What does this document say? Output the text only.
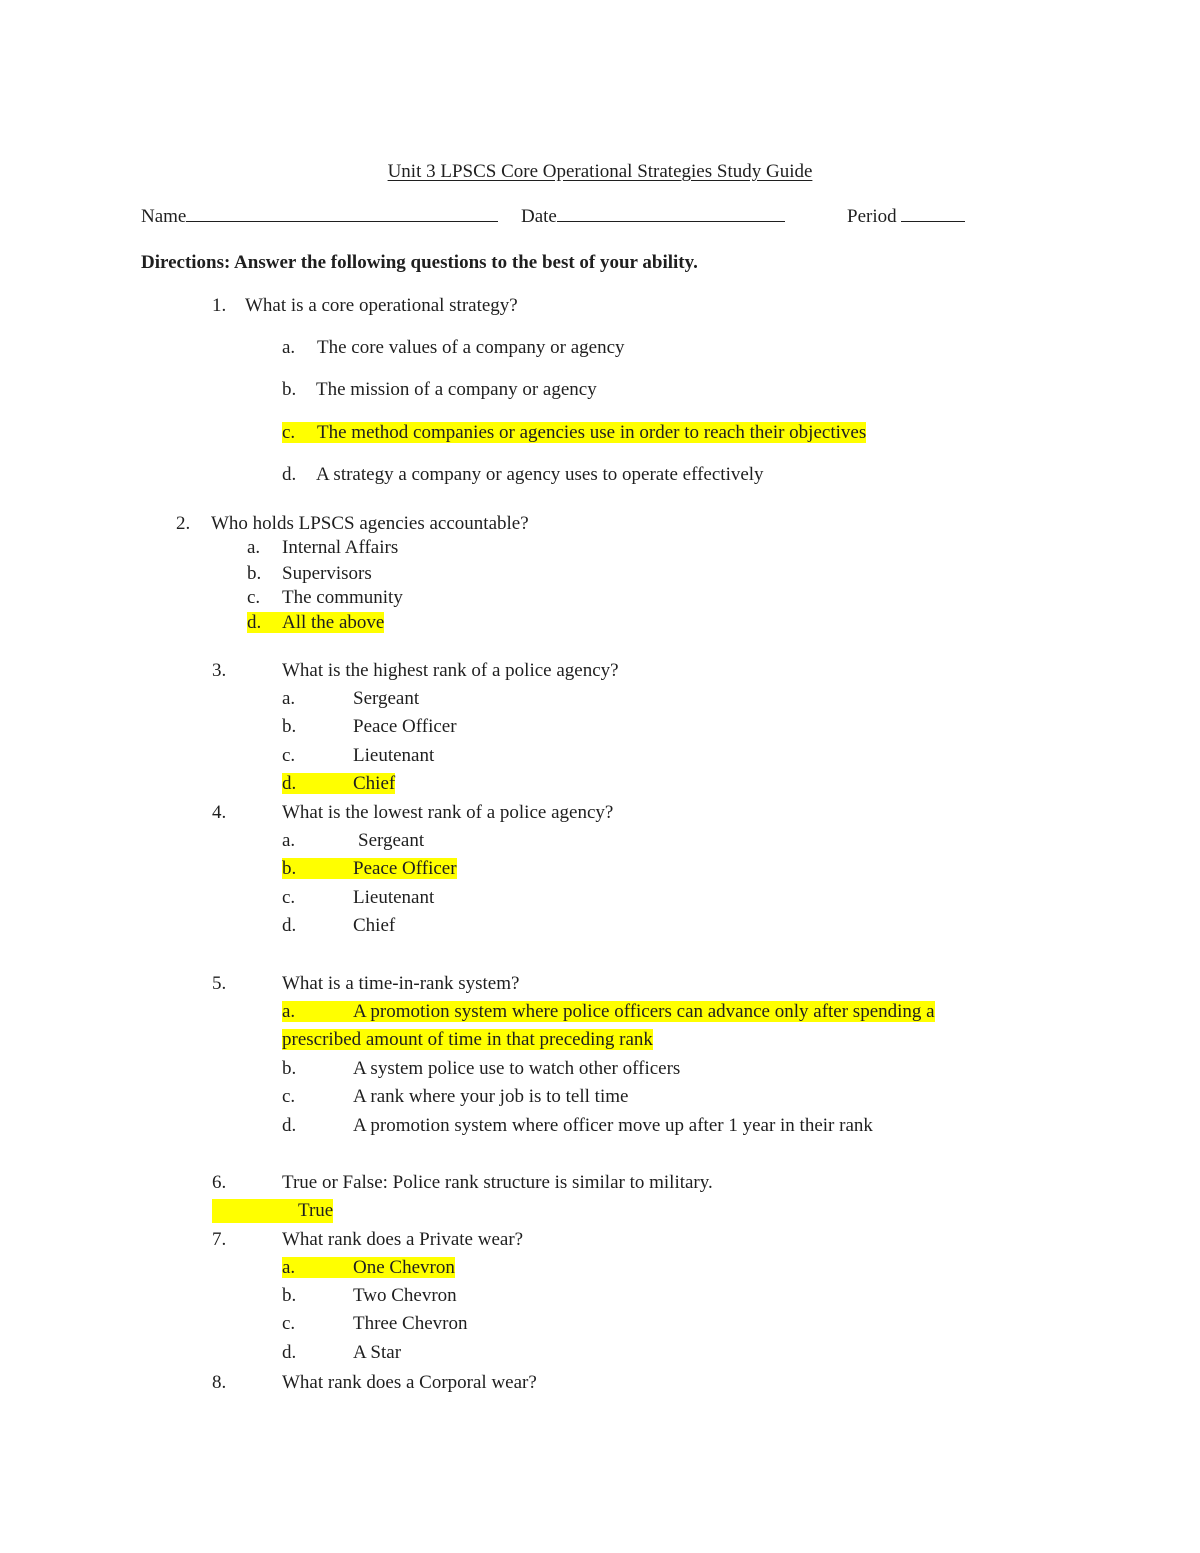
Unit 3 LPSCS Core Operational Strategies Study Guide
Name	Date	Period
Directions: Answer the following questions to the best of your ability.
1. What is a core operational strategy?
a. The core values of a company or agency
b. The mission of a company or agency
c. The method companies or agencies use in order to reach their objectives
d. A strategy a company or agency uses to operate effectively
2. Who holds LPSCS agencies accountable?
a. Internal Affairs
b. Supervisors
c. The community
d. All the above
3.	What is the highest rank of a police agency?
a.	Sergeant
b.	Peace Officer
c.	Lieutenant
d.	Chief
4.	What is the lowest rank of a police agency?
a.	Sergeant
b.	Peace Officer
c.	Lieutenant
d.	Chief
5.	What is a time-in-rank system?
a.	A promotion system where police officers can advance only after spending a
prescribed amount of time in that preceding rank
b.	A system police use to watch other officers
c.	A rank where your job is to tell time
d.	A promotion system where officer move up after 1 year in their rank
6.	True or False: Police rank structure is similar to military.
True
7.	What rank does a Private wear?
a.	One Chevron
b.	Two Chevron
c.	Three Chevron
d.	A Star
8.	What rank does a Corporal wear?
